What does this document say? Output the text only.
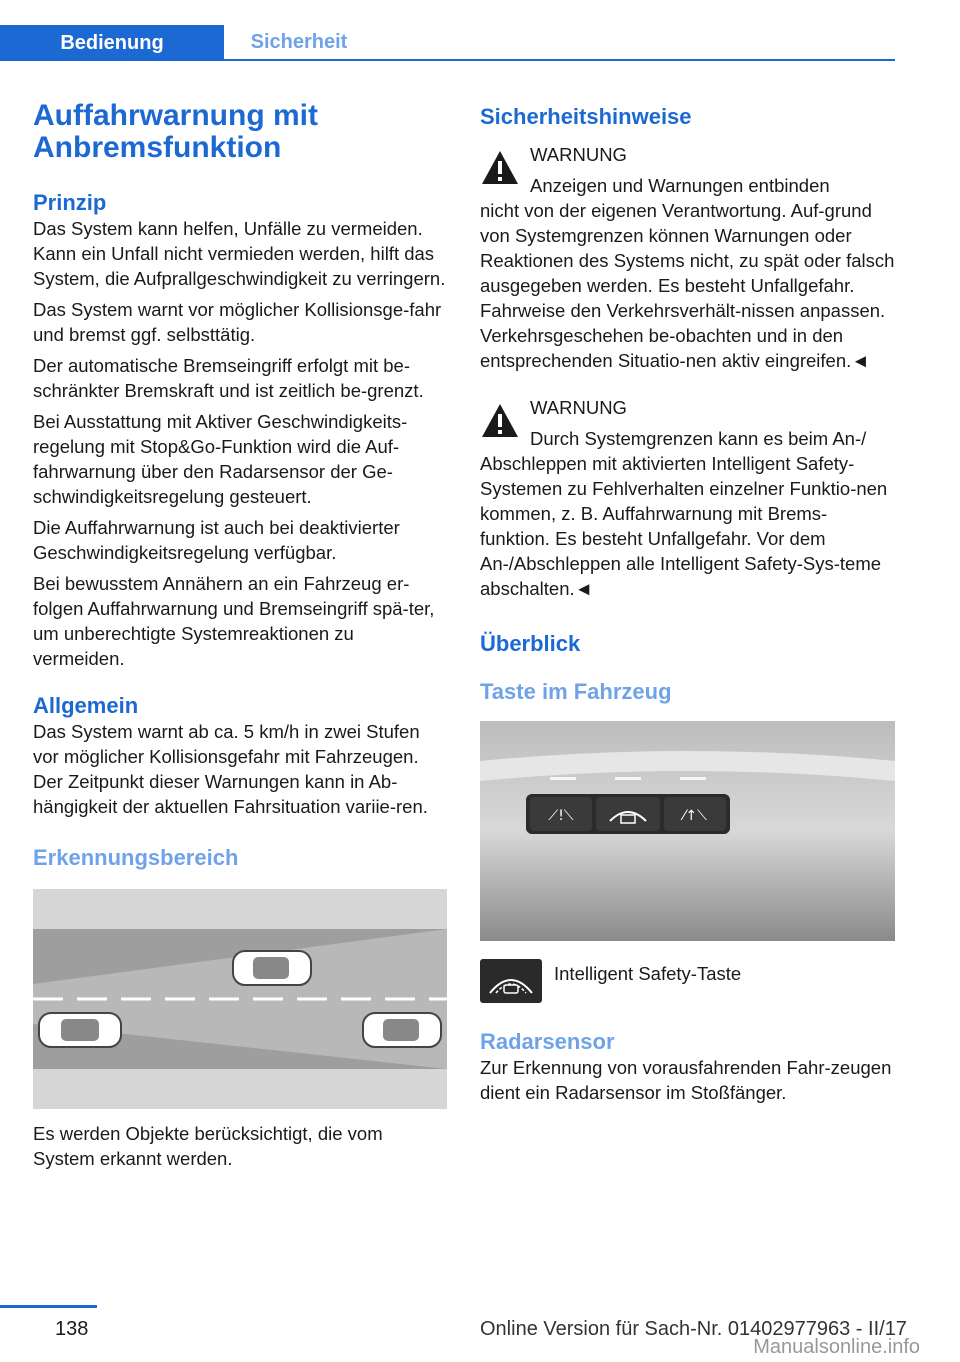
Bedienung	Sicherheit
Auffahrwarnung mit
Anbremsfunktion
Prinzip

Das System kann helfen, Unfälle zu vermeiden. Kann ein Unfall nicht vermieden werden, hilft das System, die Aufprallgeschwindigkeit zu verringern.

Das System warnt vor möglicher Kollisionsge-fahr und bremst ggf. selbsttätig.

Der automatische Bremseingriff erfolgt mit be-schränkter Bremskraft und ist zeitlich be-grenzt.

Bei Ausstattung mit Aktiver Geschwindigkeits-regelung mit Stop&Go-Funktion wird die Auf-fahrwarnung über den Radarsensor der Ge-schwindigkeitsregelung gesteuert.

Die Auffahrwarnung ist auch bei deaktivierter Geschwindigkeitsregelung verfügbar.

Bei bewusstem Annähern an ein Fahrzeug er-folgen Auffahrwarnung und Bremseingriff spä-ter, um unberechtigte Systemreaktionen zu vermeiden.

Allgemein

Das System warnt ab ca. 5 km/h in zwei Stufen vor möglicher Kollisionsgefahr mit Fahrzeugen. Der Zeitpunkt dieser Warnungen kann in Ab-hängigkeit der aktuellen Fahrsituation variie-ren.

Erkennungsbereich

Es werden Objekte berücksichtigt, die vom System erkannt werden.

Sicherheitshinweise
WARNUNG
Anzeigen und Warnungen entbinden

nicht von der eigenen Verantwortung. Auf-grund von Systemgrenzen können Warnungen oder Reaktionen des Systems nicht, zu spät oder falsch ausgegeben werden. Es besteht Unfallgefahr. Fahrweise den Verkehrsverhält-nissen anpassen. Verkehrsgeschehen be-obachten und in den entsprechenden Situatio-nen aktiv eingreifen.◄

WARNUNG
Durch Systemgrenzen kann es beim An-/

Abschleppen mit aktivierten Intelligent Safety-Systemen zu Fehlverhalten einzelner Funktio-nen kommen, z. B. Auffahrwarnung mit Brems-funktion. Es besteht Unfallgefahr. Vor dem An-/Abschleppen alle Intelligent Safety-Sys-teme abschalten.◄

Überblick
Taste im Fahrzeug
⟋!⟍	⁄↑⟍
Intelligent Safety-Taste
Radarsensor

Zur Erkennung von vorausfahrenden Fahr-zeugen dient ein Radarsensor im Stoßfänger.

138	Online Version für Sach-Nr. 01402977963 - II/17
Manualsonline.info
